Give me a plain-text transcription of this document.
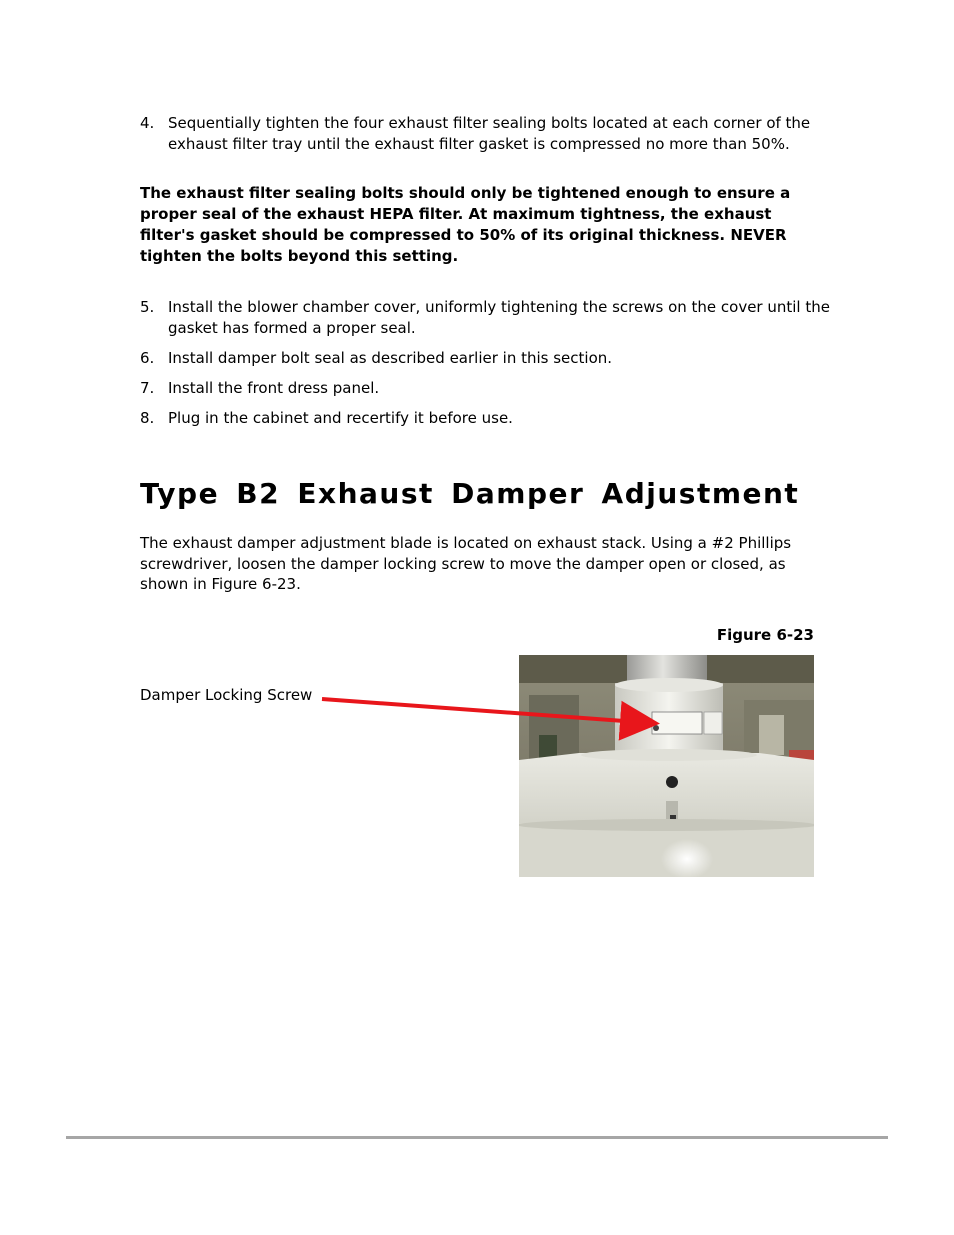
4. Sequentially tighten the four exhaust filter sealing bolts located at each corner of the exhaust filter tray until the exhaust filter gasket is compressed no more than 50%.
The exhaust filter sealing bolts should only be tightened enough to ensure a proper seal of the exhaust HEPA filter. At maximum tightness, the exhaust filter's gasket should be compressed to 50% of its original thickness. NEVER tighten the bolts beyond this setting.
5. Install the blower chamber cover, uniformly tightening the screws on the cover until the gasket has formed a proper seal.
6. Install damper bolt seal as described earlier in this section.
7. Install the front dress panel.
8. Plug in the cabinet and recertify it before use.
Type B2 Exhaust Damper Adjustment
The exhaust damper adjustment blade is located on exhaust stack. Using a #2 Phillips screwdriver, loosen the damper locking screw to move the damper open or closed, as shown in Figure 6-23.
Figure 6-23
Damper Locking Screw
